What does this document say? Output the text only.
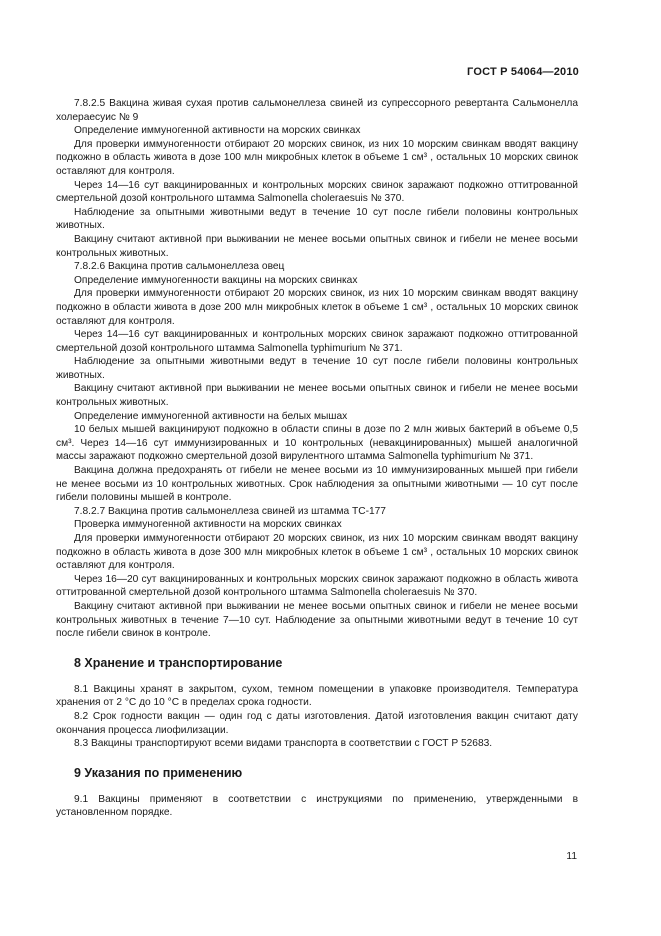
ГОСТ Р 54064—2010

7.8.2.5 Вакцина живая сухая против сальмонеллеза свиней из супрессорного ревертанта Сальмонелла холерaесуис № 9

Определение иммуногенной активности на морских свинках

Для проверки иммуногенности отбирают 20 морских свинок, из них 10 морским свинкам вводят вакцину подкожно в область живота в дозе 100 млн микробных клеток в объеме 1 см³ , остальных 10 морских свинок оставляют для контроля.

Через 14—16 сут вакцинированных и контрольных морских свинок заражают подкожно оттитрованной смертельной дозой контрольного штамма Salmonella choleraesuis № 370.

Наблюдение за опытными животными ведут в течение 10 сут после гибели половины контрольных животных.

Вакцину считают активной при выживании не менее восьми опытных свинок и гибели не менее восьми контрольных животных.

7.8.2.6 Вакцина против сальмонеллеза овец

Определение иммуногенности вакцины на морских свинках

Для проверки иммуногенности отбирают 20 морских свинок, из них 10 морским свинкам вводят вакцину подкожно в области живота в дозе 200 млн микробных клеток в объеме 1 см³ , остальных 10 морских свинок оставляют для контроля.

Через 14—16 сут вакцинированных и контрольных морских свинок заражают подкожно оттитрованной смертельной дозой контрольного штамма Salmonella typhimurium № 371.

Наблюдение за опытными животными ведут в течение 10 сут после гибели половины контрольных животных.

Вакцину считают активной при выживании не менее восьми опытных свинок и гибели не менее восьми контрольных животных.

Определение иммуногенной активности на белых мышах

10 белых мышей вакцинируют подкожно в области спины в дозе по 2 млн живых бактерий в объеме 0,5 см³. Через 14—16 сут иммунизированных и 10 контрольных (невакцинированных) мышей аналогичной массы заражают подкожно смертельной дозой вирулентного штамма Salmonella typhimurium № 371.

Вакцина должна предохранять от гибели не менее восьми из 10 иммунизированных мышей при гибели не менее восьми из 10 контрольных животных. Срок наблюдения за опытными животными — 10 сут после гибели половины мышей в контроле.

7.8.2.7 Вакцина против сальмонеллеза свиней из штамма ТС-177

Проверка иммуногенной активности на морских свинках

Для проверки иммуногенности отбирают 20 морских свинок, из них 10 морским свинкам вводят вакцину подкожно в область живота в дозе 300 млн микробных клеток в объеме 1 см³ , остальных 10 морских свинок оставляют для контроля.

Через 16—20 сут вакцинированных и контрольных морских свинок заражают подкожно в область живота оттитрованной смертельной дозой контрольного штамма Salmonella choleraesuis № 370.

Вакцину считают активной при выживании не менее восьми опытных свинок и гибели не менее восьми контрольных животных в течение 7—10 сут. Наблюдение за опытными животными ведут в течение 10 сут после гибели свинок в контроле.

8 Хранение и транспортирование

8.1 Вакцины хранят в закрытом, сухом, темном помещении в упаковке производителя. Температура хранения от 2 °С до 10 °С в пределах срока годности.

8.2 Срок годности вакцин — один год с даты изготовления. Датой изготовления вакцин считают дату окончания процесса лиофилизации.

8.3 Вакцины транспортируют всеми видами транспорта в соответствии с ГОСТ Р 52683.

9 Указания по применению

9.1 Вакцины применяют в соответствии с инструкциями по применению, утвержденными в установленном порядке.

11
